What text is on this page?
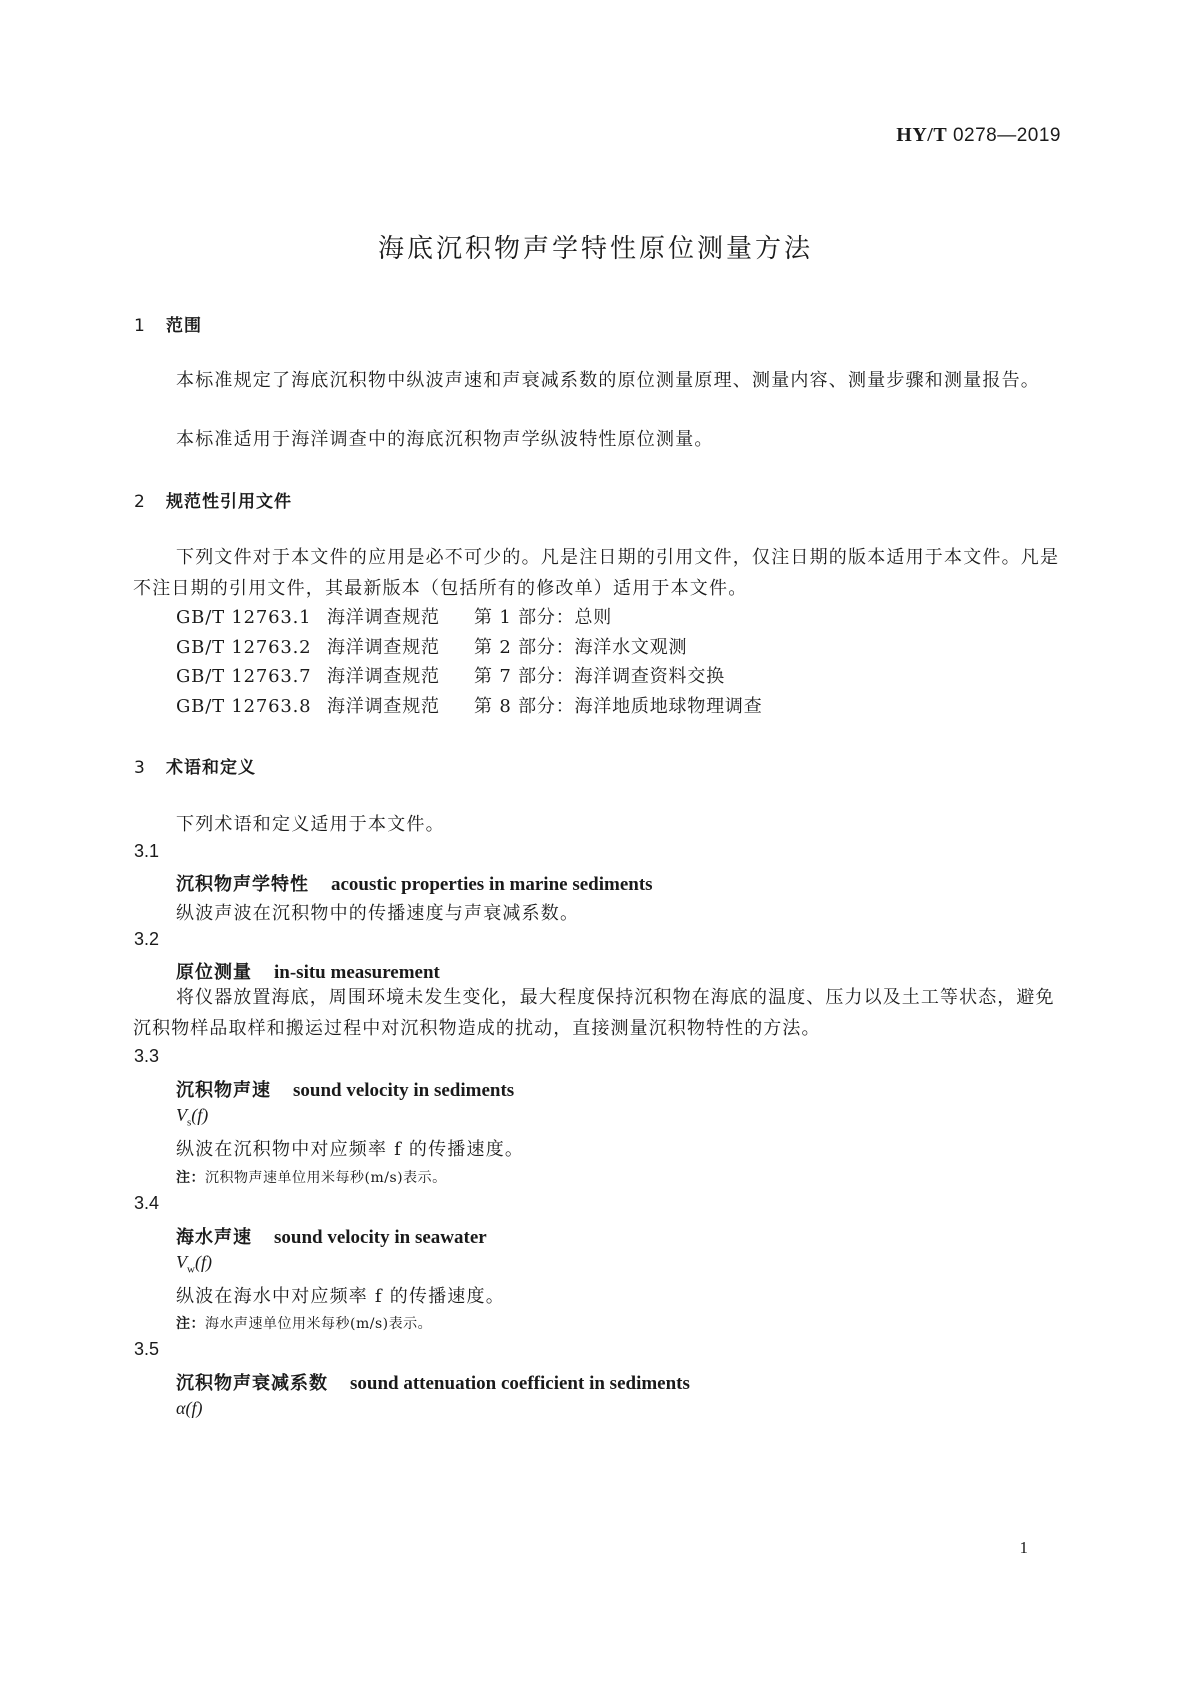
HY/T 0278—2019
海底沉积物声学特性原位测量方法
1 范围
本标准规定了海底沉积物中纵波声速和声衰减系数的原位测量原理、测量内容、测量步骤和测量报告。
本标准适用于海洋调查中的海底沉积物声学纵波特性原位测量。
2 规范性引用文件
下列文件对于本文件的应用是必不可少的。凡是注日期的引用文件，仅注日期的版本适用于本文件。凡是不注日期的引用文件，其最新版本（包括所有的修改单）适用于本文件。
GB/T 12763.1 海洋调查规范 第 1 部分：总则
GB/T 12763.2 海洋调查规范 第 2 部分：海洋水文观测
GB/T 12763.7 海洋调查规范 第 7 部分：海洋调查资料交换
GB/T 12763.8 海洋调查规范 第 8 部分：海洋地质地球物理调查
3 术语和定义
下列术语和定义适用于本文件。
3.1
沉积物声学特性 acoustic properties in marine sediments
纵波声波在沉积物中的传播速度与声衰减系数。
3.2
原位测量 in-situ measurement
将仪器放置海底，周围环境未发生变化，最大程度保持沉积物在海底的温度、压力以及土工等状态，避免沉积物样品取样和搬运过程中对沉积物造成的扰动，直接测量沉积物特性的方法。
3.3
沉积物声速 sound velocity in sediments
$V_s(f)$
纵波在沉积物中对应频率 f 的传播速度。
注：沉积物声速单位用米每秒(m/s)表示。
3.4
海水声速 sound velocity in seawater
$V_w(f)$
纵波在海水中对应频率 f 的传播速度。
注：海水声速单位用米每秒(m/s)表示。
3.5
沉积物声衰减系数 sound attenuation coefficient in sediments
α(f)
1
